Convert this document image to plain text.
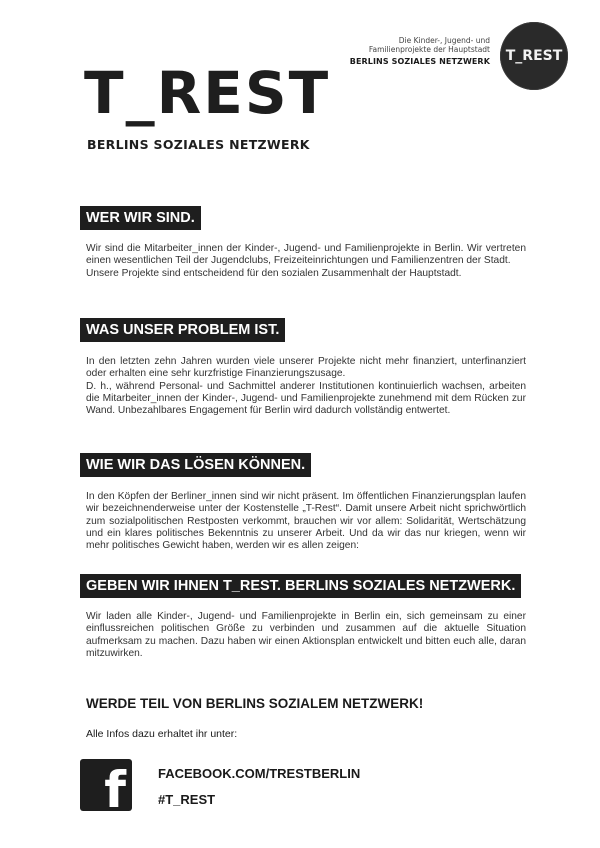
Die Kinder-, Jugend- und
Familienprojekte der Hauptstadt
BERLINS SOZIALES NETZWERK T_REST
T_REST
BERLINS SOZIALES NETZWERK
WER WIR SIND.

Wir sind die Mitarbeiter_innen der Kinder-, Jugend- und Familienprojekte in Berlin. Wir vertreten einen wesentlichen Teil der Jugendclubs, Freizeiteinrichtungen und Familienzentren der Stadt.

Unsere Projekte sind entscheidend für den sozialen Zusammenhalt der Hauptstadt.

WAS UNSER PROBLEM IST.

In den letzten zehn Jahren wurden viele unserer Projekte nicht mehr finanziert, unterfinanziert oder erhalten eine sehr kurzfristige Finanzierungszusage.

D. h., während Personal- und Sachmittel anderer Institutionen kontinuierlich wachsen, arbeiten die Mitarbeiter_innen der Kinder-, Jugend- und Familienprojekte zunehmend mit dem Rücken zur Wand. Unbezahlbares Engagement für Berlin wird dadurch vollständig entwertet.

WIE WIR DAS LÖSEN KÖNNEN.

In den Köpfen der Berliner_innen sind wir nicht präsent. Im öffentlichen Finanzierungsplan laufen wir bezeichnenderweise unter der Kostenstelle „T-Rest“. Damit unsere Arbeit nicht sprichwörtlich zum sozialpolitischen Restposten verkommt, brauchen wir vor allem: Solidarität, Wertschätzung und ein klares politisches Bekenntnis zu unserer Arbeit. Und da wir das nur kriegen, wenn wir mehr politisches Gewicht haben, werden wir es allen zeigen:

GEBEN WIR IHNEN T_REST. BERLINS SOZIALES NETZWERK.

Wir laden alle Kinder-, Jugend- und Familienprojekte in Berlin ein, sich gemeinsam zu einer einflussreichen politischen Größe zu verbinden und zusammen auf die aktuelle Situation aufmerksam zu machen. Dazu haben wir einen Aktionsplan entwickelt und bitten euch alle, daran mitzuwirken.

WERDE TEIL VON BERLINS SOZIALEM NETZWERK!
Alle Infos dazu erhaltet ihr unter:
f FACEBOOK.COM/TRESTBERLIN
#T_REST
